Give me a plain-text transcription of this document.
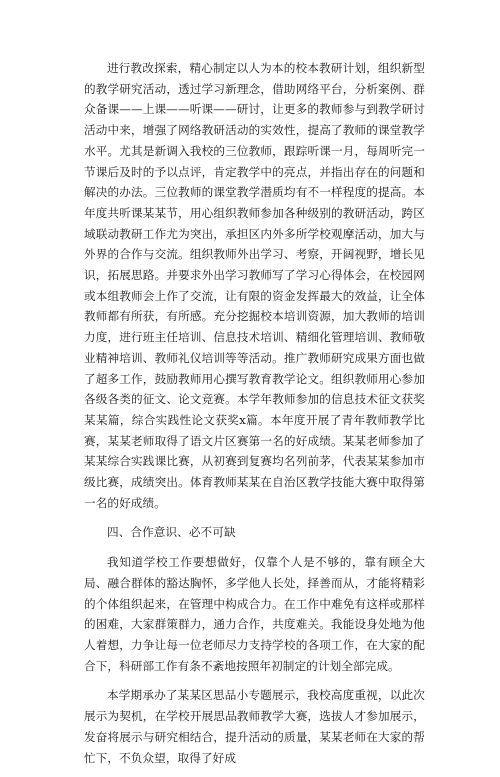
进行教改探索，精心制定以人为本的校本教研计划，组织新型的教学研究活动，透过学习新理念，借助网络平台，分析案例、群众备课——上课——听课——研讨，让更多的教师参与到教学研讨活动中来，增强了网络教研活动的实效性，提高了教师的课堂教学水平。尤其是新调入我校的三位教师，跟踪听课一月，每周听完一节课后及时的予以点评，肯定教学中的亮点，并指出存在的问题和解决的办法。三位教师的课堂教学潜质均有不一样程度的提高。本年度共听课某某节，用心组织教师参加各种级别的教研活动，跨区域联动教研工作尤为突出，承担区内外多所学校观摩活动，加大与外界的合作与交流。组织教师外出学习、考察，开阔视野，增长见识，拓展思路。并要求外出学习教师写了学习心得体会，在校园网或本组教师会上作了交流，让有限的资金发挥最大的效益，让全体教师都有所获，有所感。充分挖掘校本培训资源，加大教师的培训力度，进行班主任培训、信息技术培训、精细化管理培训、教师敬业精神培训、教师礼仪培训等等活动。推广教师研究成果方面也做了超多工作，鼓励教师用心撰写教育教学论文。组织教师用心参加各级各类的征文、论文竞赛。本学年教师参加的信息技术征文获奖某某篇，综合实践性论文获奖x篇。本年度开展了青年教师教学比赛，某某老师取得了语文片区赛第一名的好成绩。某某老师参加了某某综合实践课比赛，从初赛到复赛均名列前茅，代表某某参加市级比赛，成绩突出。体育教师某某在自治区教学技能大赛中取得第一名的好成绩。

四、合作意识、必不可缺

我知道学校工作要想做好，仅靠个人是不够的，靠有顾全大局、融合群体的豁达胸怀，多学他人长处，择善而从，才能将精彩的个体组织起来，在管理中构成合力。在工作中难免有这样或那样的困难，大家群策群力，通力合作，共度难关。我能设身处地为他人着想，力争让每一位老师尽力支持学校的各项工作，在大家的配合下，科研部工作有条不紊地按照年初制定的计划全部完成。

本学期承办了某某区思品小专题展示，我校高度重视，以此次展示为契机，在学校开展思品教师教学大赛，选拔人才参加展示，发奋将展示与研究相结合，提升活动的质量，某某老师在大家的帮忙下，不负众望，取得了好成
